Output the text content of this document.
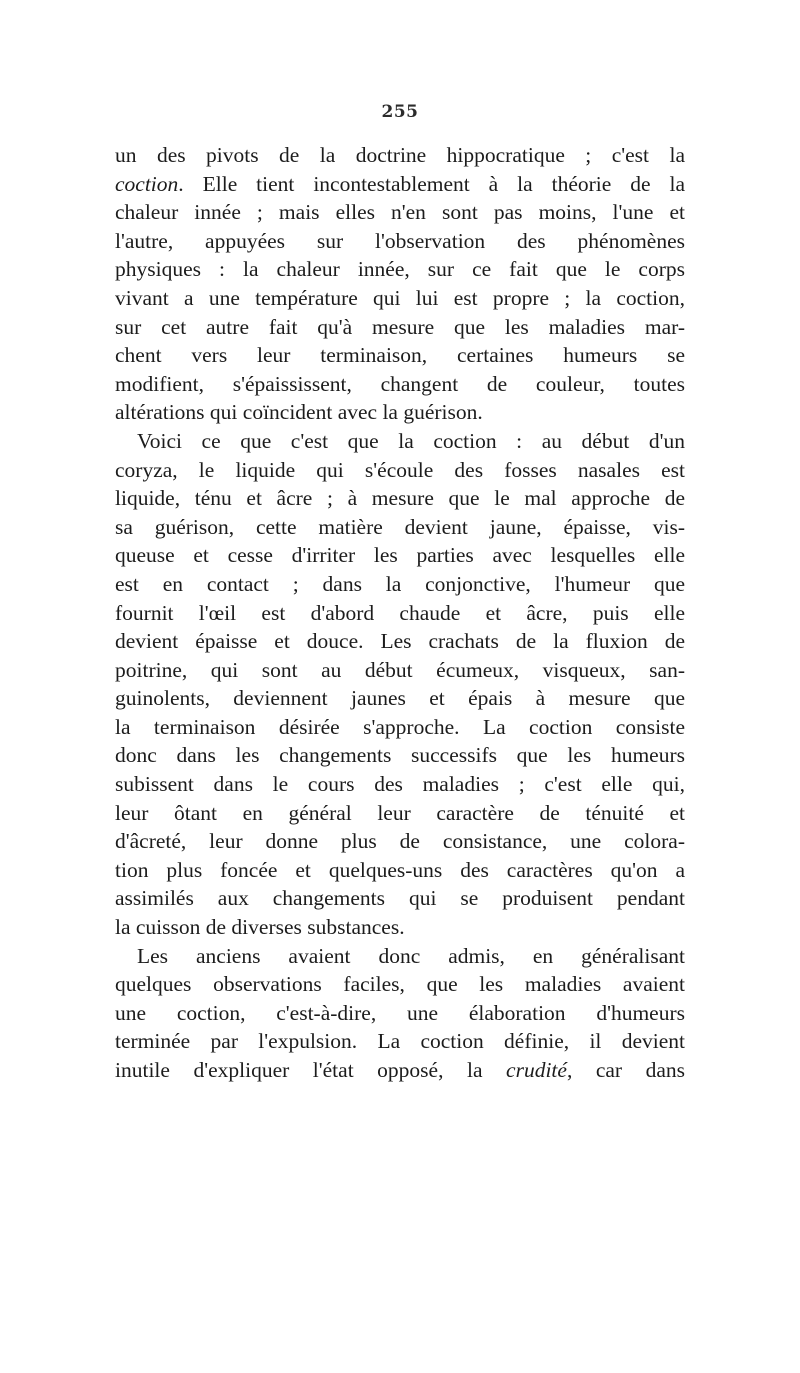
255
un des pivots de la doctrine hippocratique ; c'est la
coction. Elle tient incontestablement à la théorie de la
chaleur innée ; mais elles n'en sont pas moins, l'une et
l'autre, appuyées sur l'observation des phénomènes
physiques : la chaleur innée, sur ce fait que le corps
vivant a une température qui lui est propre ; la coction,
sur cet autre fait qu'à mesure que les maladies mar-
chent vers leur terminaison, certaines humeurs se
modifient, s'épaississent, changent de couleur, toutes
altérations qui coïncident avec la guérison.
Voici ce que c'est que la coction : au début d'un
coryza, le liquide qui s'écoule des fosses nasales est
liquide, ténu et âcre ; à mesure que le mal approche de
sa guérison, cette matière devient jaune, épaisse, vis-
queuse et cesse d'irriter les parties avec lesquelles elle
est en contact ; dans la conjonctive, l'humeur que
fournit l'œil est d'abord chaude et âcre, puis elle
devient épaisse et douce. Les crachats de la fluxion de
poitrine, qui sont au début écumeux, visqueux, san-
guinolents, deviennent jaunes et épais à mesure que
la terminaison désirée s'approche. La coction consiste
donc dans les changements successifs que les humeurs
subissent dans le cours des maladies ; c'est elle qui,
leur ôtant en général leur caractère de ténuité et
d'âcreté, leur donne plus de consistance, une colora-
tion plus foncée et quelques-uns des caractères qu'on a
assimilés aux changements qui se produisent pendant
la cuisson de diverses substances.
Les anciens avaient donc admis, en généralisant
quelques observations faciles, que les maladies avaient
une coction, c'est-à-dire, une élaboration d'humeurs
terminée par l'expulsion. La coction définie, il devient
inutile d'expliquer l'état opposé, la crudité, car dans
